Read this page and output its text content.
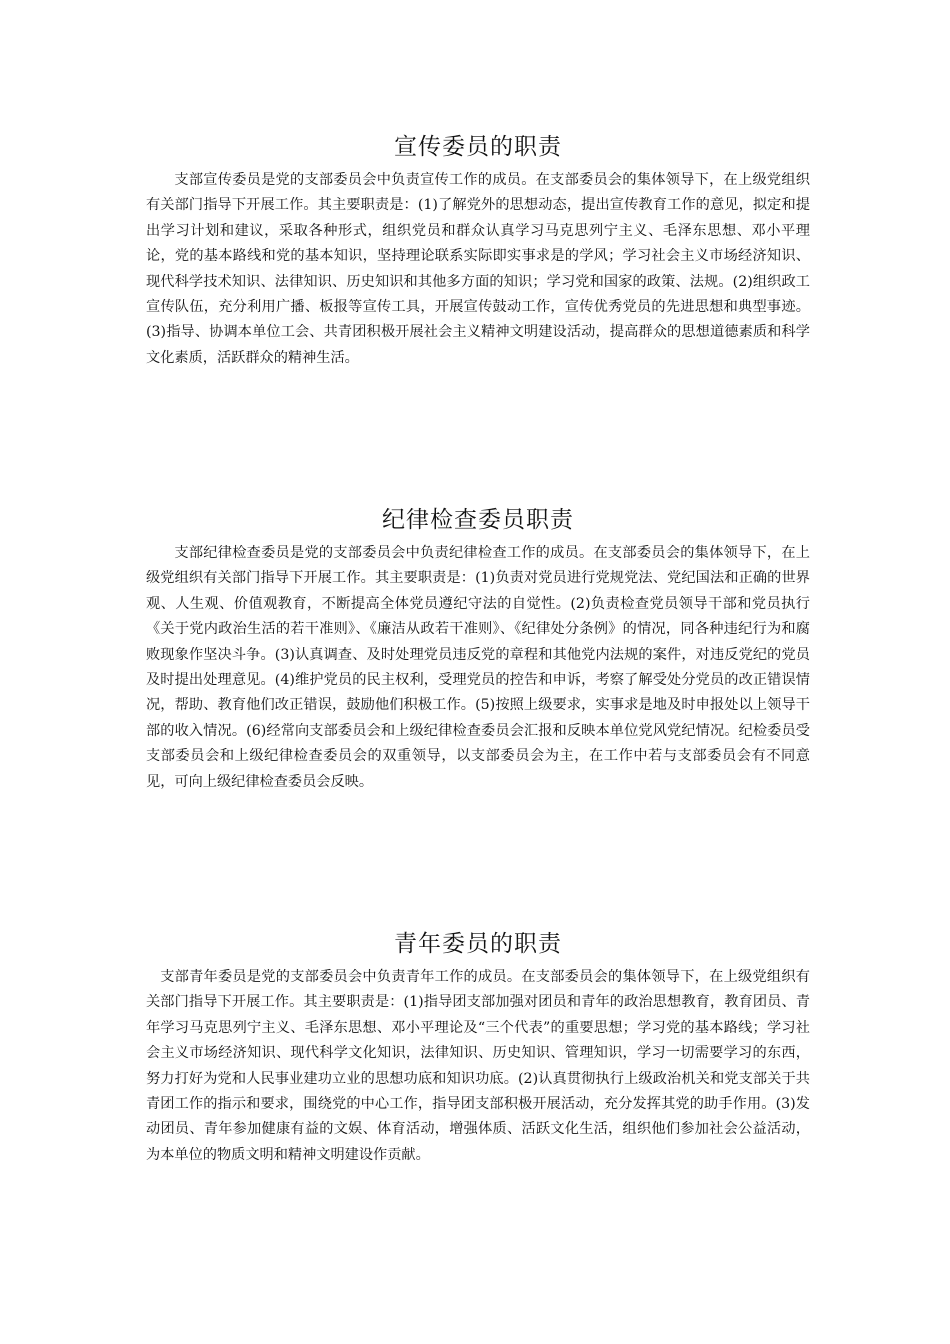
宣传委员的职责

支部宣传委员是党的支部委员会中负责宣传工作的成员。在支部委员会的集体领导下，在上级党组织有关部门指导下开展工作。其主要职责是：(1)了解党外的思想动态，提出宣传教育工作的意见，拟定和提出学习计划和建议，采取各种形式，组织党员和群众认真学习马克思列宁主义、毛泽东思想、邓小平理论，党的基本路线和党的基本知识，坚持理论联系实际即实事求是的学风；学习社会主义市场经济知识、现代科学技术知识、法律知识、历史知识和其他多方面的知识；学习党和国家的政策、法规。(2)组织政工宣传队伍，充分利用广播、板报等宣传工具，开展宣传鼓动工作，宣传优秀党员的先进思想和典型事迹。(3)指导、协调本单位工会、共青团积极开展社会主义精神文明建设活动，提高群众的思想道德素质和科学文化素质，活跃群众的精神生活。

纪律检查委员职责

支部纪律检查委员是党的支部委员会中负责纪律检查工作的成员。在支部委员会的集体领导下，在上级党组织有关部门指导下开展工作。其主要职责是：(1)负责对党员进行党规党法、党纪国法和正确的世界观、人生观、价值观教育，不断提高全体党员遵纪守法的自觉性。(2)负责检查党员领导干部和党员执行《关于党内政治生活的若干准则》、《廉洁从政若干准则》、《纪律处分条例》的情况，同各种违纪行为和腐败现象作坚决斗争。(3)认真调查、及时处理党员违反党的章程和其他党内法规的案件，对违反党纪的党员及时提出处理意见。(4)维护党员的民主权利，受理党员的控告和申诉，考察了解受处分党员的改正错误情况，帮助、教育他们改正错误，鼓励他们积极工作。(5)按照上级要求，实事求是地及时申报处以上领导干部的收入情况。(6)经常向支部委员会和上级纪律检查委员会汇报和反映本单位党风党纪情况。纪检委员受支部委员会和上级纪律检查委员会的双重领导，以支部委员会为主，在工作中若与支部委员会有不同意见，可向上级纪律检查委员会反映。

青年委员的职责

支部青年委员是党的支部委员会中负责青年工作的成员。在支部委员会的集体领导下，在上级党组织有关部门指导下开展工作。其主要职责是：(1)指导团支部加强对团员和青年的政治思想教育，教育团员、青年学习马克思列宁主义、毛泽东思想、邓小平理论及“三个代表”的重要思想；学习党的基本路线；学习社会主义市场经济知识、现代科学文化知识，法律知识、历史知识、管理知识，学习一切需要学习的东西，努力打好为党和人民事业建功立业的思想功底和知识功底。(2)认真贯彻执行上级政治机关和党支部关于共青团工作的指示和要求，围绕党的中心工作，指导团支部积极开展活动，充分发挥其党的助手作用。(3)发动团员、青年参加健康有益的文娱、体育活动，增强体质、活跃文化生活，组织他们参加社会公益活动，为本单位的物质文明和精神文明建设作贡献。
